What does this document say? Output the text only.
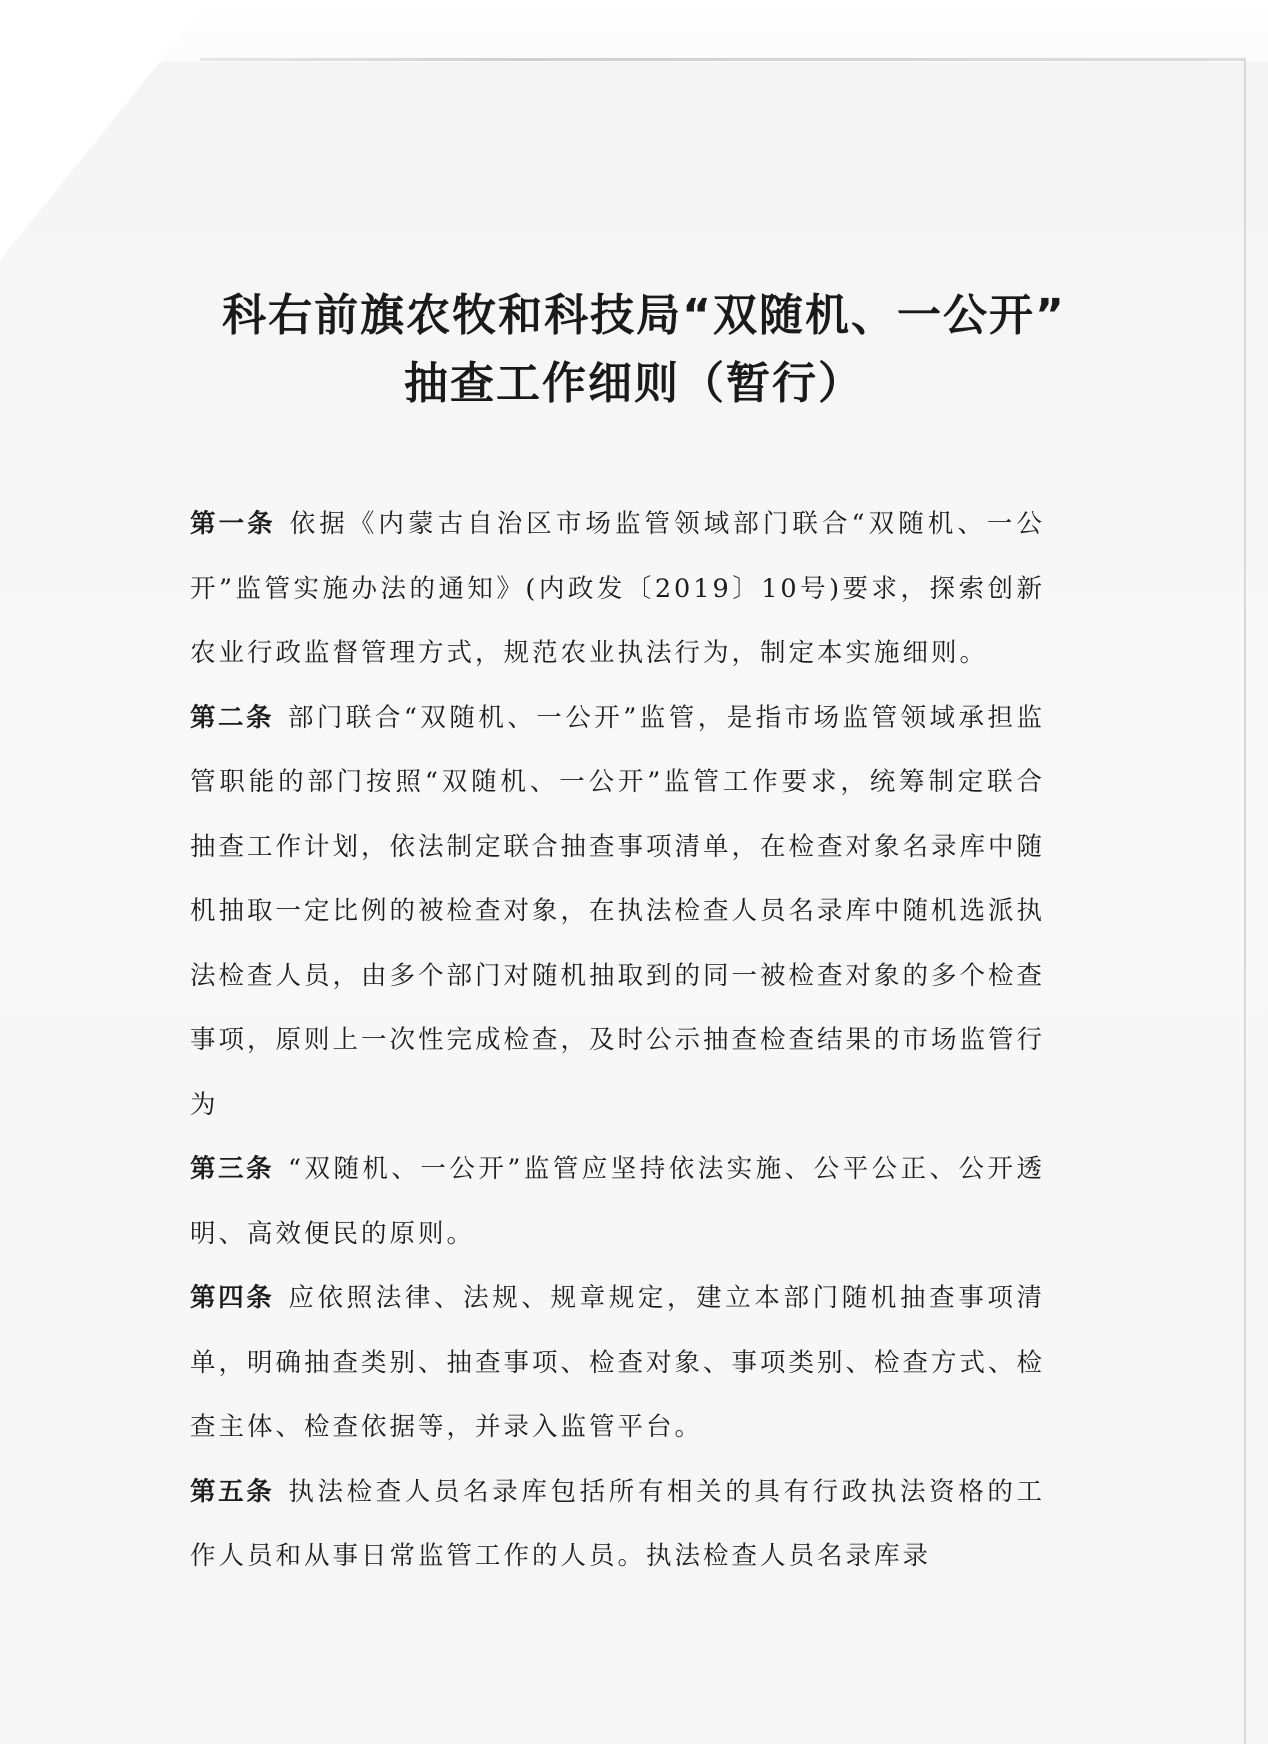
科右前旗农牧和科技局“双随机、一公开”
抽查工作细则（暂行）

第一条 依据《内蒙古自治区市场监管领域部门联合“双随机、一公开”监管实施办法的通知》(内政发〔2019〕10号)要求，探索创新农业行政监督管理方式，规范农业执法行为，制定本实施细则。

第二条 部门联合“双随机、一公开”监管，是指市场监管领域承担监管职能的部门按照“双随机、一公开”监管工作要求，统筹制定联合抽查工作计划，依法制定联合抽查事项清单，在检查对象名录库中随机抽取一定比例的被检查对象，在执法检查人员名录库中随机选派执法检查人员，由多个部门对随机抽取到的同一被检查对象的多个检查事项，原则上一次性完成检查，及时公示抽查检查结果的市场监管行为

第三条 “双随机、一公开”监管应坚持依法实施、公平公正、公开透明、高效便民的原则。

第四条 应依照法律、法规、规章规定，建立本部门随机抽查事项清单，明确抽查类别、抽查事项、检查对象、事项类别、检查方式、检查主体、检查依据等，并录入监管平台。

第五条 执法检查人员名录库包括所有相关的具有行政执法资格的工作人员和从事日常监管工作的人员。执法检查人员名录库录
